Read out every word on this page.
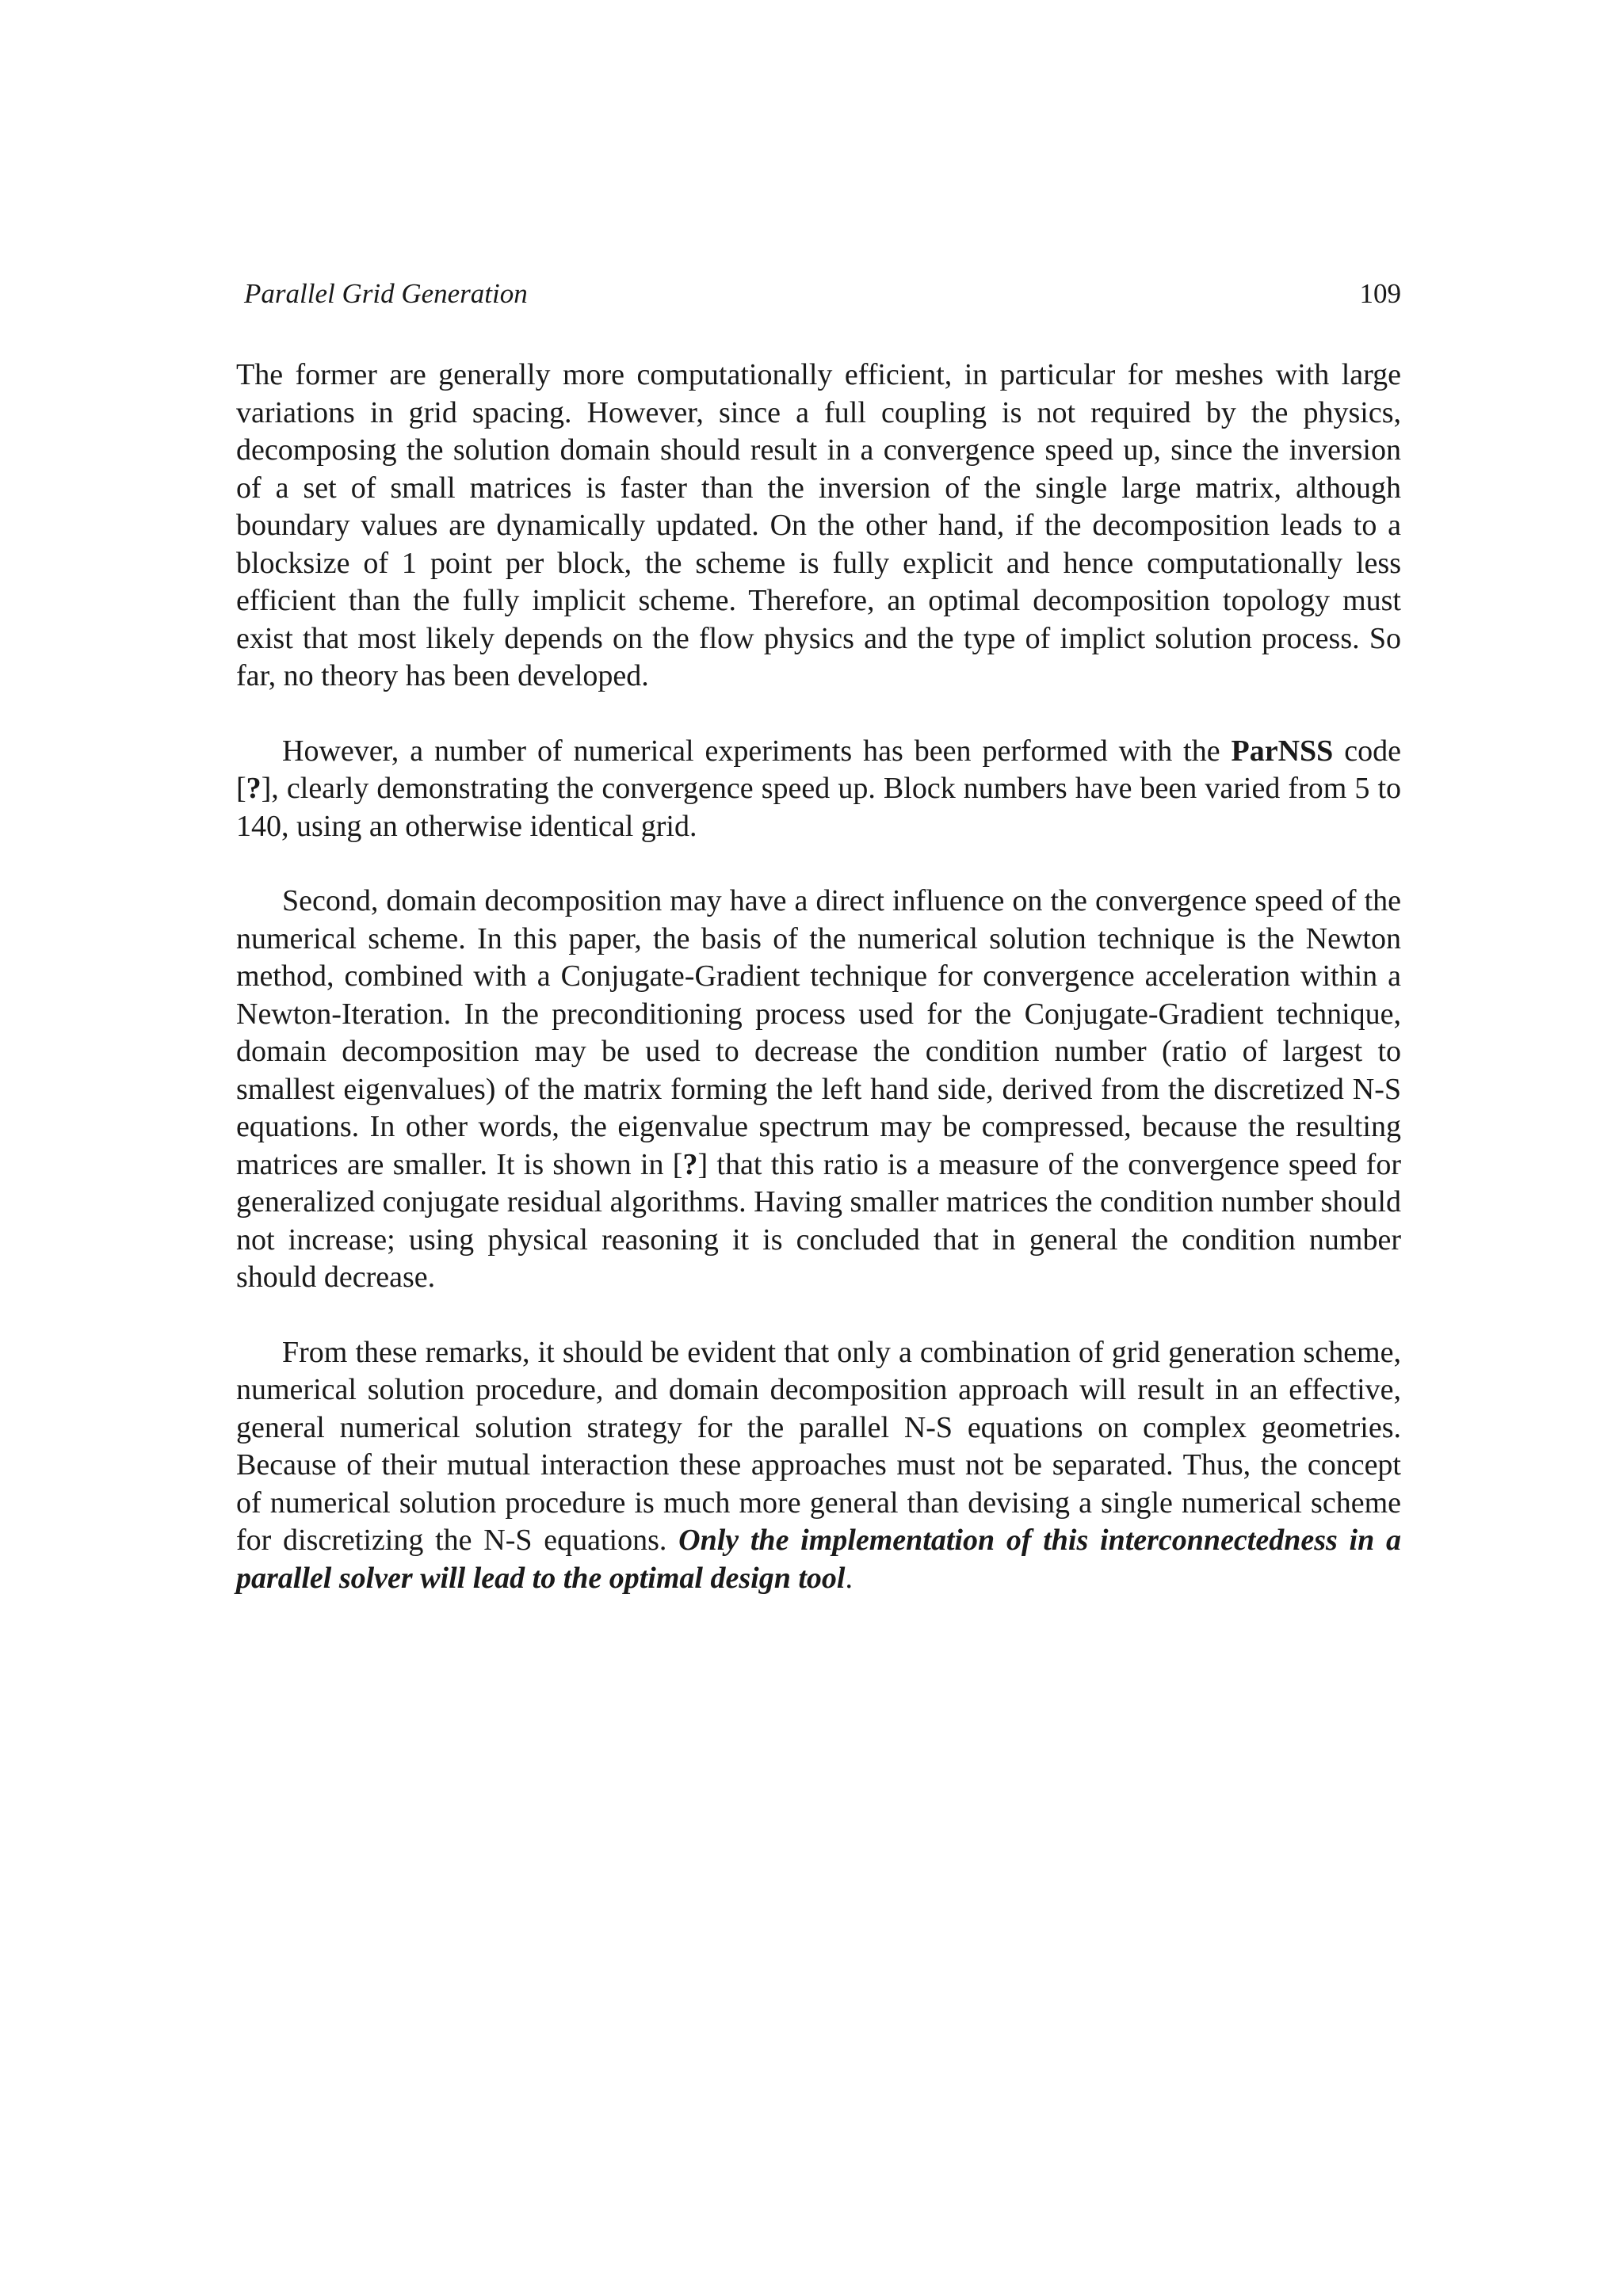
Parallel Grid Generation	109

The former are generally more computationally efficient, in particular for meshes with large variations in grid spacing. However, since a full coupling is not required by the physics, decomposing the solution domain should result in a convergence speed up, since the inversion of a set of small matrices is faster than the inversion of the single large matrix, although boundary values are dynamically updated. On the other hand, if the decomposition leads to a blocksize of 1 point per block, the scheme is fully explicit and hence computationally less efficient than the fully implicit scheme. Therefore, an optimal decomposition topology must exist that most likely depends on the flow physics and the type of implict solution process. So far, no theory has been developed.

However, a number of numerical experiments has been performed with the ParNSS code [?], clearly demonstrating the convergence speed up. Block numbers have been varied from 5 to 140, using an otherwise identical grid.

Second, domain decomposition may have a direct influence on the convergence speed of the numerical scheme. In this paper, the basis of the numerical solution technique is the Newton method, combined with a Conjugate-Gradient technique for convergence acceleration within a Newton-Iteration. In the preconditioning process used for the Conjugate-Gradient technique, domain decomposition may be used to decrease the condition number (ratio of largest to smallest eigenvalues) of the matrix forming the left hand side, derived from the discretized N-S equations. In other words, the eigenvalue spectrum may be compressed, because the resulting matrices are smaller. It is shown in [?] that this ratio is a measure of the convergence speed for generalized conjugate residual algorithms. Having smaller matrices the condition number should not increase; using physical reasoning it is concluded that in general the condition number should decrease.

From these remarks, it should be evident that only a combination of grid generation scheme, numerical solution procedure, and domain decomposition approach will result in an effective, general numerical solution strategy for the parallel N-S equations on complex geometries. Because of their mutual interaction these approaches must not be separated. Thus, the concept of numerical solution procedure is much more general than devising a single numerical scheme for discretizing the N-S equations. Only the implementation of this interconnectedness in a parallel solver will lead to the optimal design tool.
